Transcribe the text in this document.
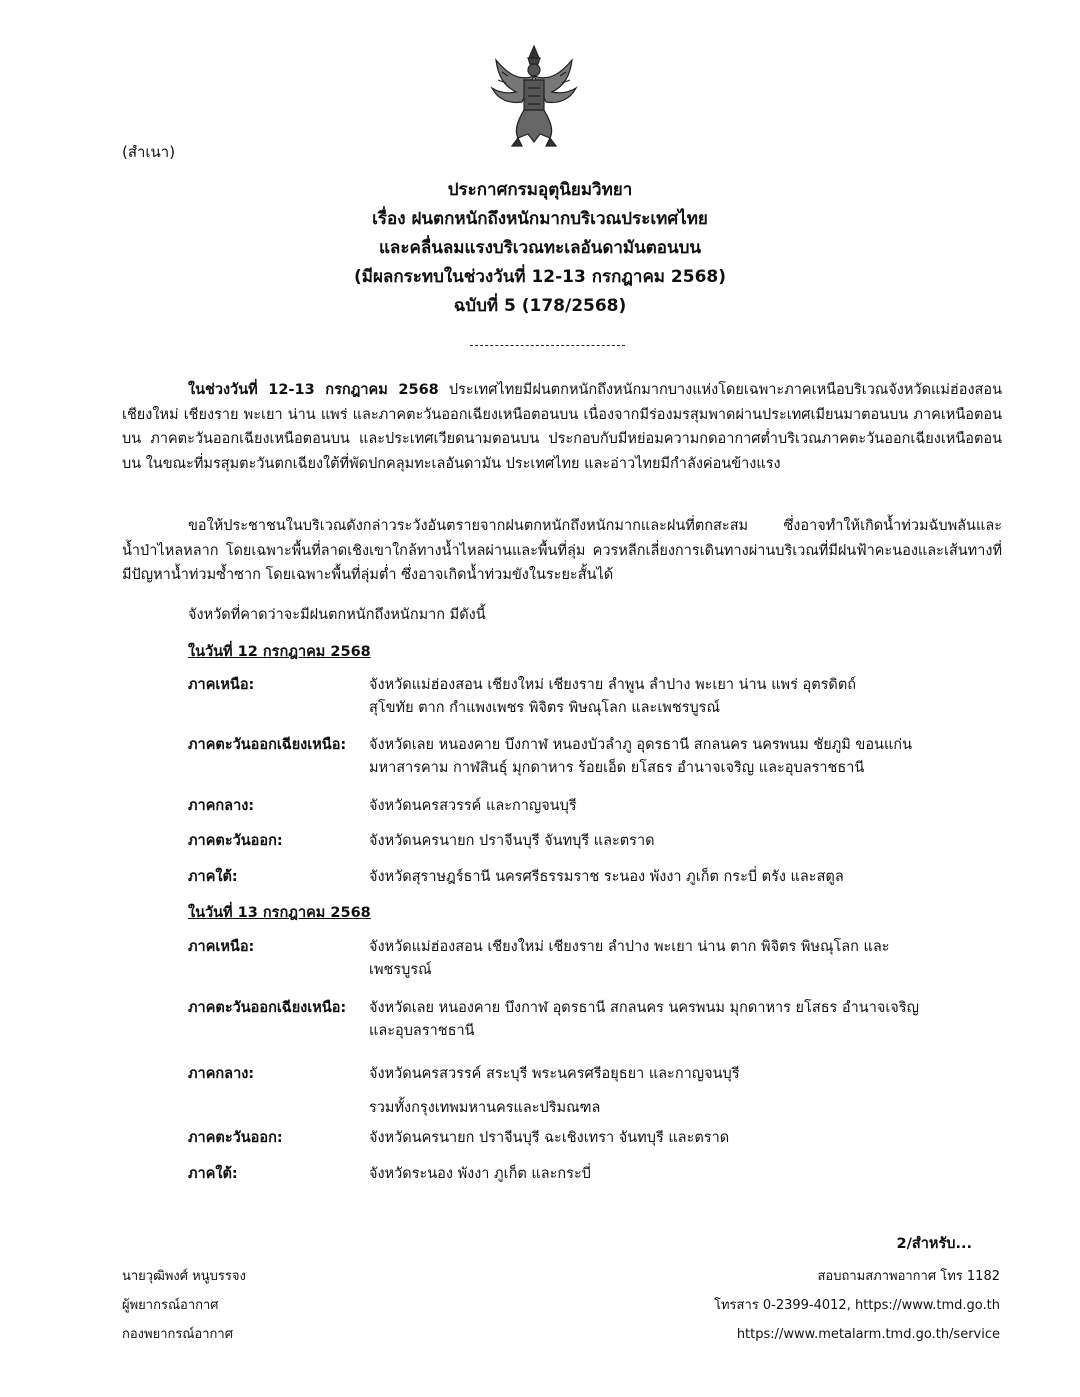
(สำเนา)
ประกาศกรมอุตุนิยมวิทยา
เรื่อง ฝนตกหนักถึงหนักมากบริเวณประเทศไทย
และคลื่นลมแรงบริเวณทะเลอันดามันตอนบน
(มีผลกระทบในช่วงวันที่ 12-13 กรกฎาคม 2568)
ฉบับที่ 5 (178/2568)
ในช่วงวันที่ 12-13 กรกฎาคม 2568 ประเทศไทยมีฝนตกหนักถึงหนักมากบางแห่งโดยเฉพาะภาคเหนือบริเวณจังหวัดแม่ฮ่องสอน เชียงใหม่ เชียงราย พะเยา น่าน แพร่ และภาคตะวันออกเฉียงเหนือตอนบน เนื่องจากมีร่องมรสุมพาดผ่านประเทศเมียนมาตอนบน ภาคเหนือตอนบน ภาคตะวันออกเฉียงเหนือตอนบน และประเทศเวียดนามตอนบน ประกอบกับมีหย่อมความกดอากาศต่ำบริเวณภาคตะวันออกเฉียงเหนือตอนบน ในขณะที่มรสุมตะวันตกเฉียงใต้ที่พัดปกคลุมทะเลอันดามัน ประเทศไทย และอ่าวไทยมีกำลังค่อนข้างแรง
ขอให้ประชาชนในบริเวณดังกล่าวระวังอันตรายจากฝนตกหนักถึงหนักมากและฝนที่ตกสะสม ซึ่งอาจทำให้เกิดน้ำท่วมฉับพลันและน้ำป่าไหลหลาก โดยเฉพาะพื้นที่ลาดเชิงเขาใกล้ทางน้ำไหลผ่านและพื้นที่ลุ่ม ควรหลีกเลี่ยงการเดินทางผ่านบริเวณที่มีฝนฟ้าคะนองและเส้นทางที่มีปัญหาน้ำท่วมซ้ำซาก โดยเฉพาะพื้นที่ลุ่มต่ำ ซึ่งอาจเกิดน้ำท่วมขังในระยะสั้นได้
จังหวัดที่คาดว่าจะมีฝนตกหนักถึงหนักมาก มีดังนี้
ในวันที่ 12 กรกฎาคม 2568
ภาคเหนือ:	จังหวัดแม่ฮ่องสอน เชียงใหม่ เชียงราย ลำพูน ลำปาง พะเยา น่าน แพร่ อุตรดิตถ์
สุโขทัย ตาก กำแพงเพชร พิจิตร พิษณุโลก และเพชรบูรณ์
ภาคตะวันออกเฉียงเหนือ:	จังหวัดเลย หนองคาย บึงกาฬ หนองบัวลำภู อุดรธานี สกลนคร นครพนม ชัยภูมิ ขอนแก่น
มหาสารคาม กาฬสินธุ์ มุกดาหาร ร้อยเอ็ด ยโสธร อำนาจเจริญ และอุบลราชธานี
ภาคกลาง:	จังหวัดนครสวรรค์ และกาญจนบุรี
ภาคตะวันออก:	จังหวัดนครนายก ปราจีนบุรี จันทบุรี และตราด
ภาคใต้:	จังหวัดสุราษฎร์ธานี นครศรีธรรมราช ระนอง พังงา ภูเก็ต กระบี่ ตรัง และสตูล
ในวันที่ 13 กรกฎาคม 2568
ภาคเหนือ:	จังหวัดแม่ฮ่องสอน เชียงใหม่ เชียงราย ลำปาง พะเยา น่าน ตาก พิจิตร พิษณุโลก และ
เพชรบูรณ์
ภาคตะวันออกเฉียงเหนือ:	จังหวัดเลย หนองคาย บึงกาฬ อุดรธานี สกลนคร นครพนม มุกดาหาร ยโสธร อำนาจเจริญ
และอุบลราชธานี
ภาคกลาง:	จังหวัดนครสวรรค์ สระบุรี พระนครศรีอยุธยา และกาญจนบุรี
รวมทั้งกรุงเทพมหานครและปริมณฑล
ภาคตะวันออก:	จังหวัดนครนายก ปราจีนบุรี ฉะเชิงเทรา จันทบุรี และตราด
ภาคใต้:	จังหวัดระนอง พังงา ภูเก็ต และกระบี่
2/สำหรับ...
นายวุฒิพงศ์ หนูบรรจง
ผู้พยากรณ์อากาศ
กองพยากรณ์อากาศ
สอบถามสภาพอากาศ โทร 1182
โทรสาร 0-2399-4012, https://www.tmd.go.th
https://www.metalarm.tmd.go.th/service
